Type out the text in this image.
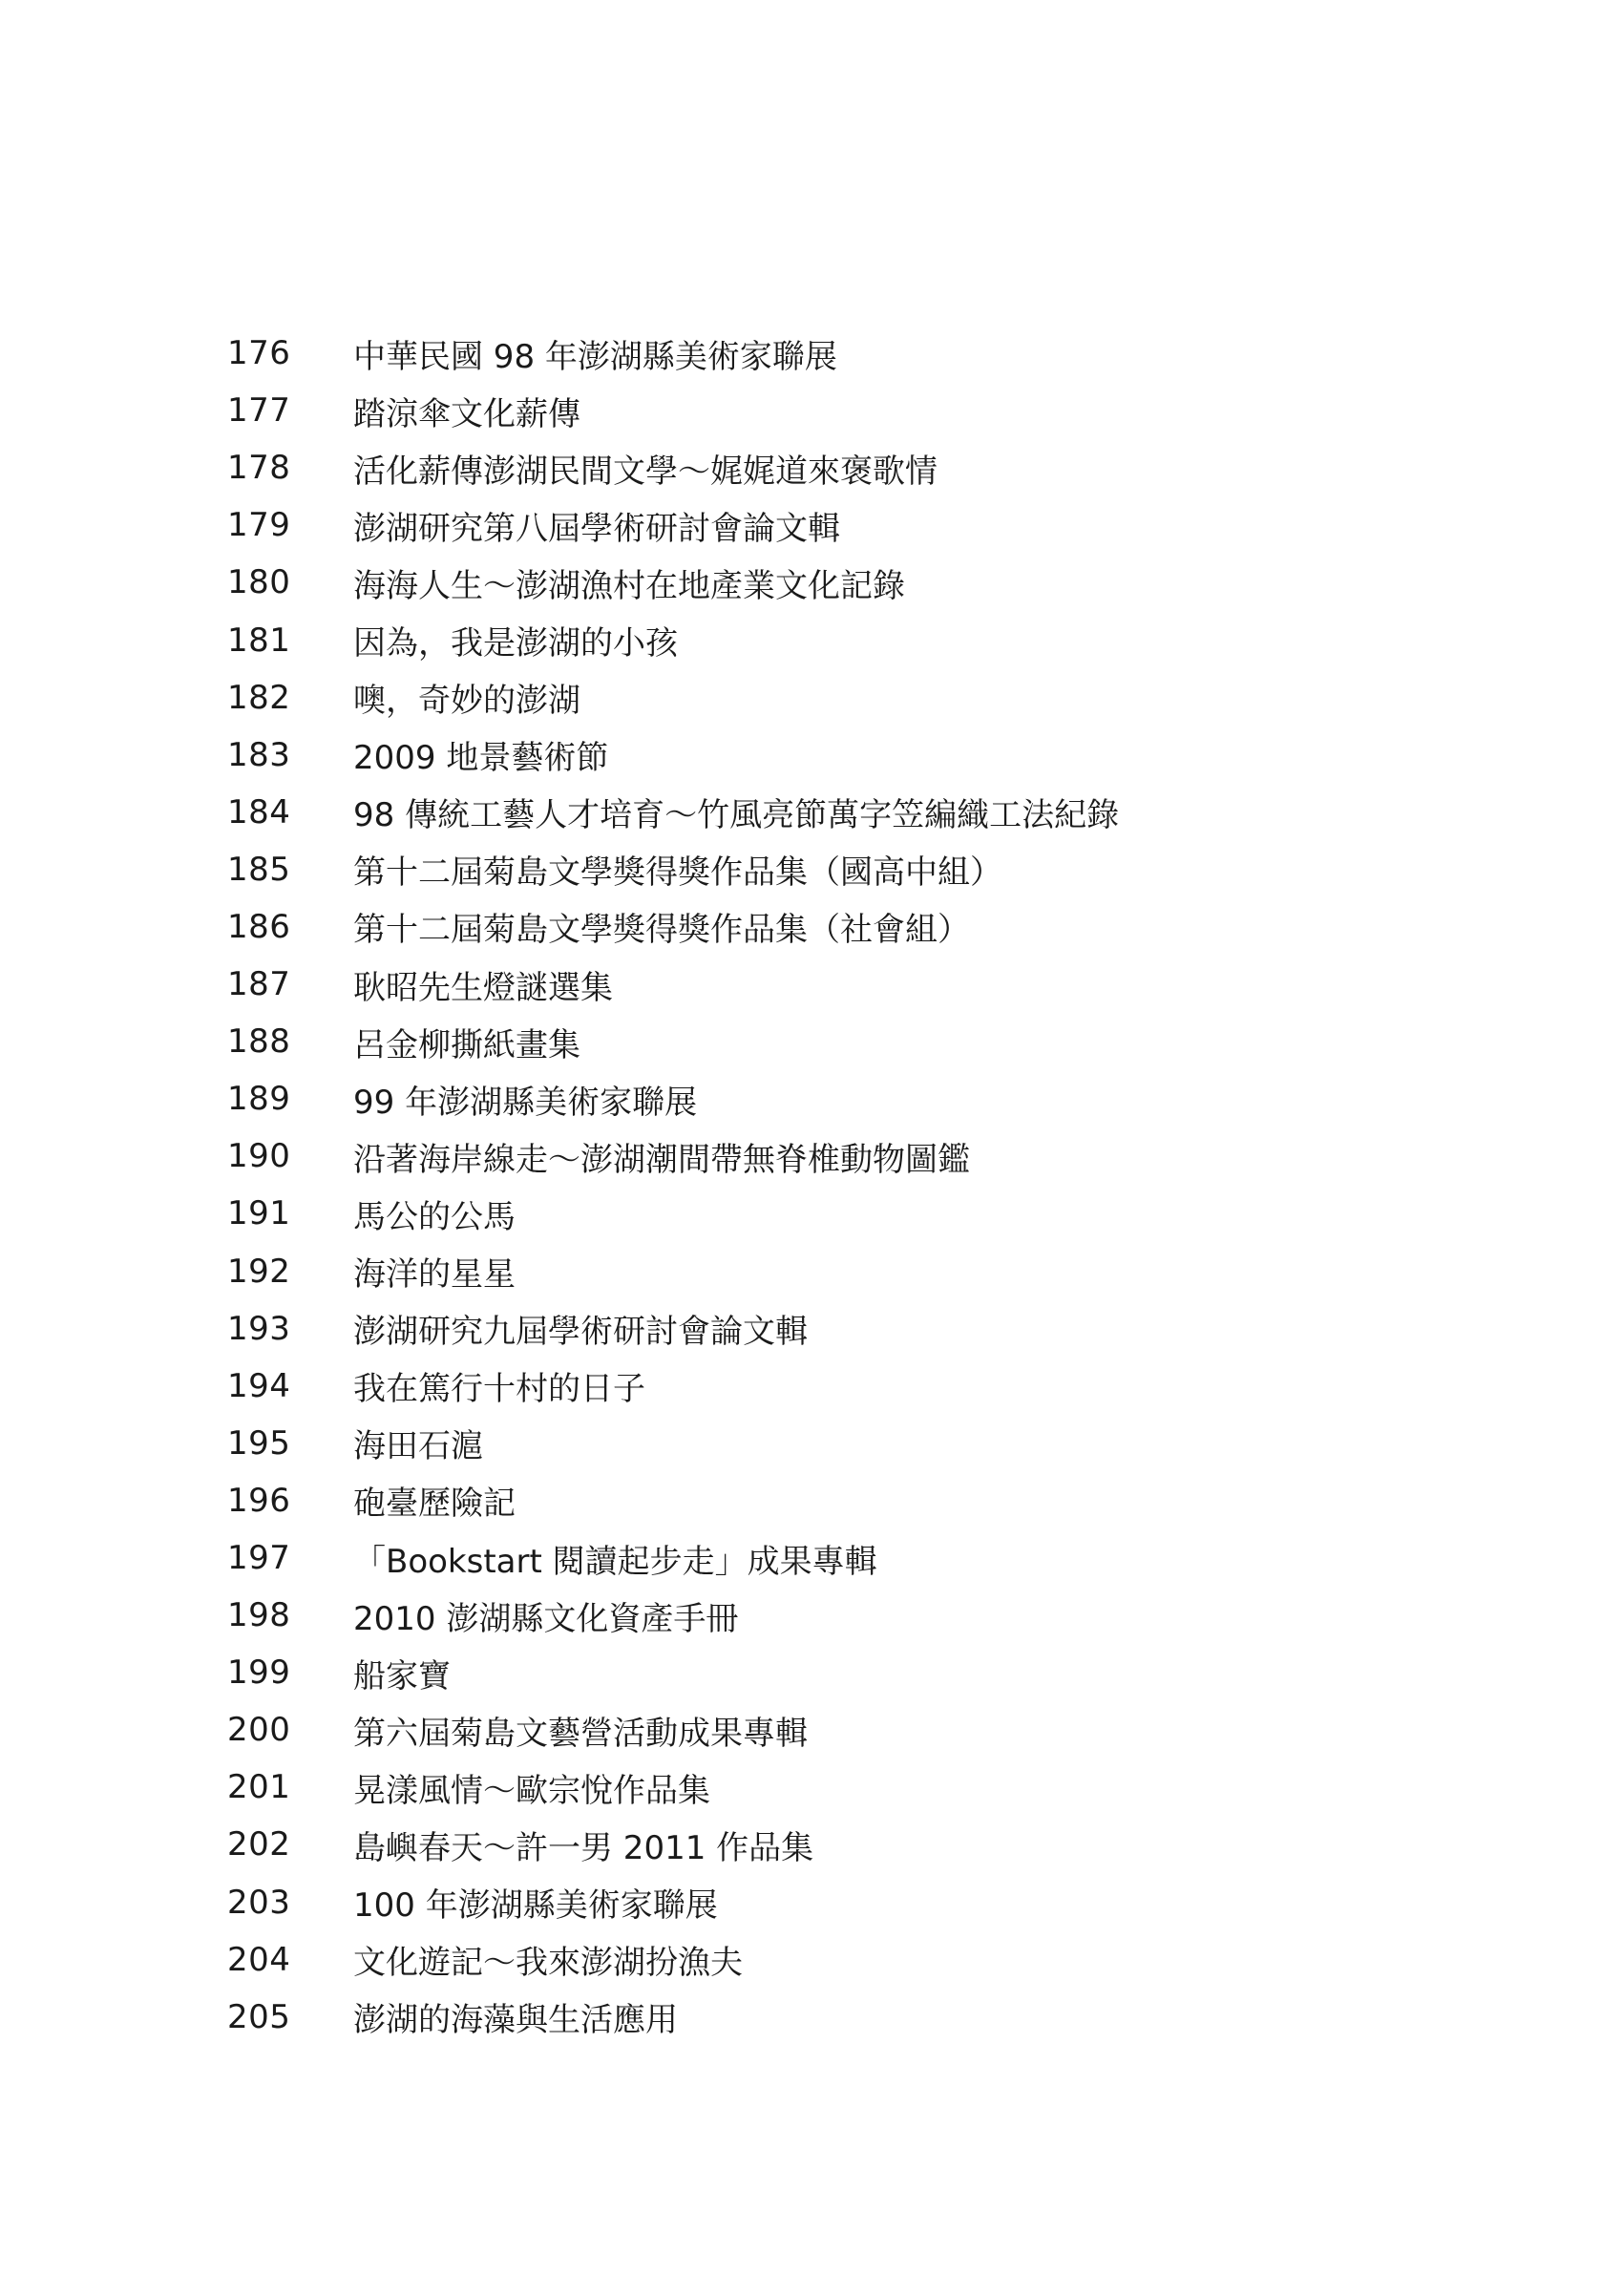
176	中華民國 98 年澎湖縣美術家聯展
177	踏涼傘文化薪傳
178	活化薪傳澎湖民間文學～娓娓道來褒歌情
179	澎湖研究第八屆學術研討會論文輯
180	海海人生～澎湖漁村在地產業文化記錄
181	因為，我是澎湖的小孩
182	噢，奇妙的澎湖
183	2009 地景藝術節
184	98 傳統工藝人才培育～竹風亮節萬字笠編織工法紀錄
185	第十二屆菊島文學獎得獎作品集（國高中組）
186	第十二屆菊島文學獎得獎作品集（社會組）
187	耿昭先生燈謎選集
188	呂金柳撕紙畫集
189	99 年澎湖縣美術家聯展
190	沿著海岸線走～澎湖潮間帶無脊椎動物圖鑑
191	馬公的公馬
192	海洋的星星
193	澎湖研究九屆學術研討會論文輯
194	我在篤行十村的日子
195	海田石滬
196	砲臺歷險記
197	「Bookstart 閱讀起步走」成果專輯
198	2010 澎湖縣文化資產手冊
199	船家寶
200	第六屆菊島文藝營活動成果專輯
201	晃漾風情～歐宗悅作品集
202	島嶼春天～許一男 2011 作品集
203	100 年澎湖縣美術家聯展
204	文化遊記～我來澎湖扮漁夫
205	澎湖的海藻與生活應用
